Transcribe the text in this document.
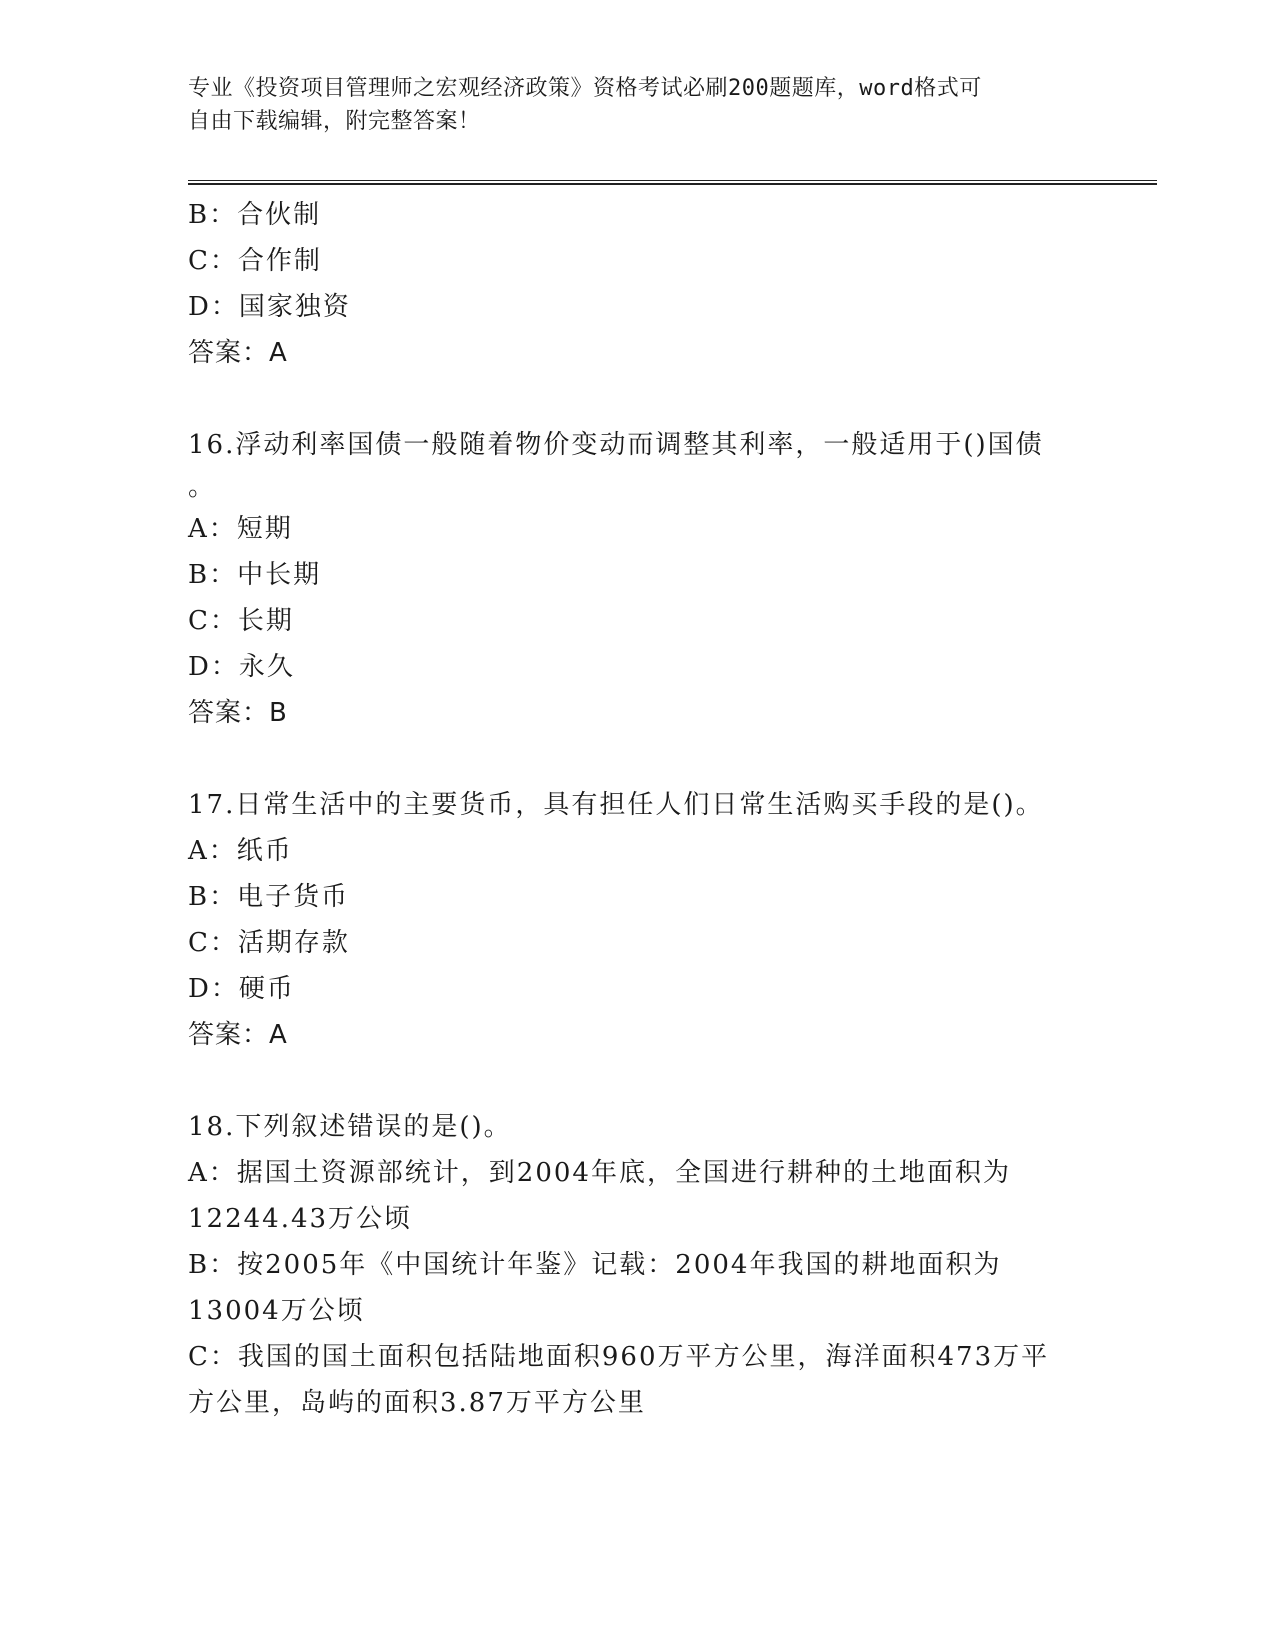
专业《投资项目管理师之宏观经济政策》资格考试必刷200题题库，word格式可
自由下载编辑，附完整答案！
B：合伙制
C：合作制
D：国家独资
答案：A
16.浮动利率国债一般随着物价变动而调整其利率，一般适用于()国债
。
A：短期
B：中长期
C：长期
D：永久
答案：B
17.日常生活中的主要货币，具有担任人们日常生活购买手段的是()。
A：纸币
B：电子货币
C：活期存款
D：硬币
答案：A
18.下列叙述错误的是()。
A：据国土资源部统计，到2004年底，全国进行耕种的土地面积为
12244.43万公顷
B：按2005年《中国统计年鉴》记载：2004年我国的耕地面积为
13004万公顷
C：我国的国土面积包括陆地面积960万平方公里，海洋面积473万平
方公里，岛屿的面积3.87万平方公里
